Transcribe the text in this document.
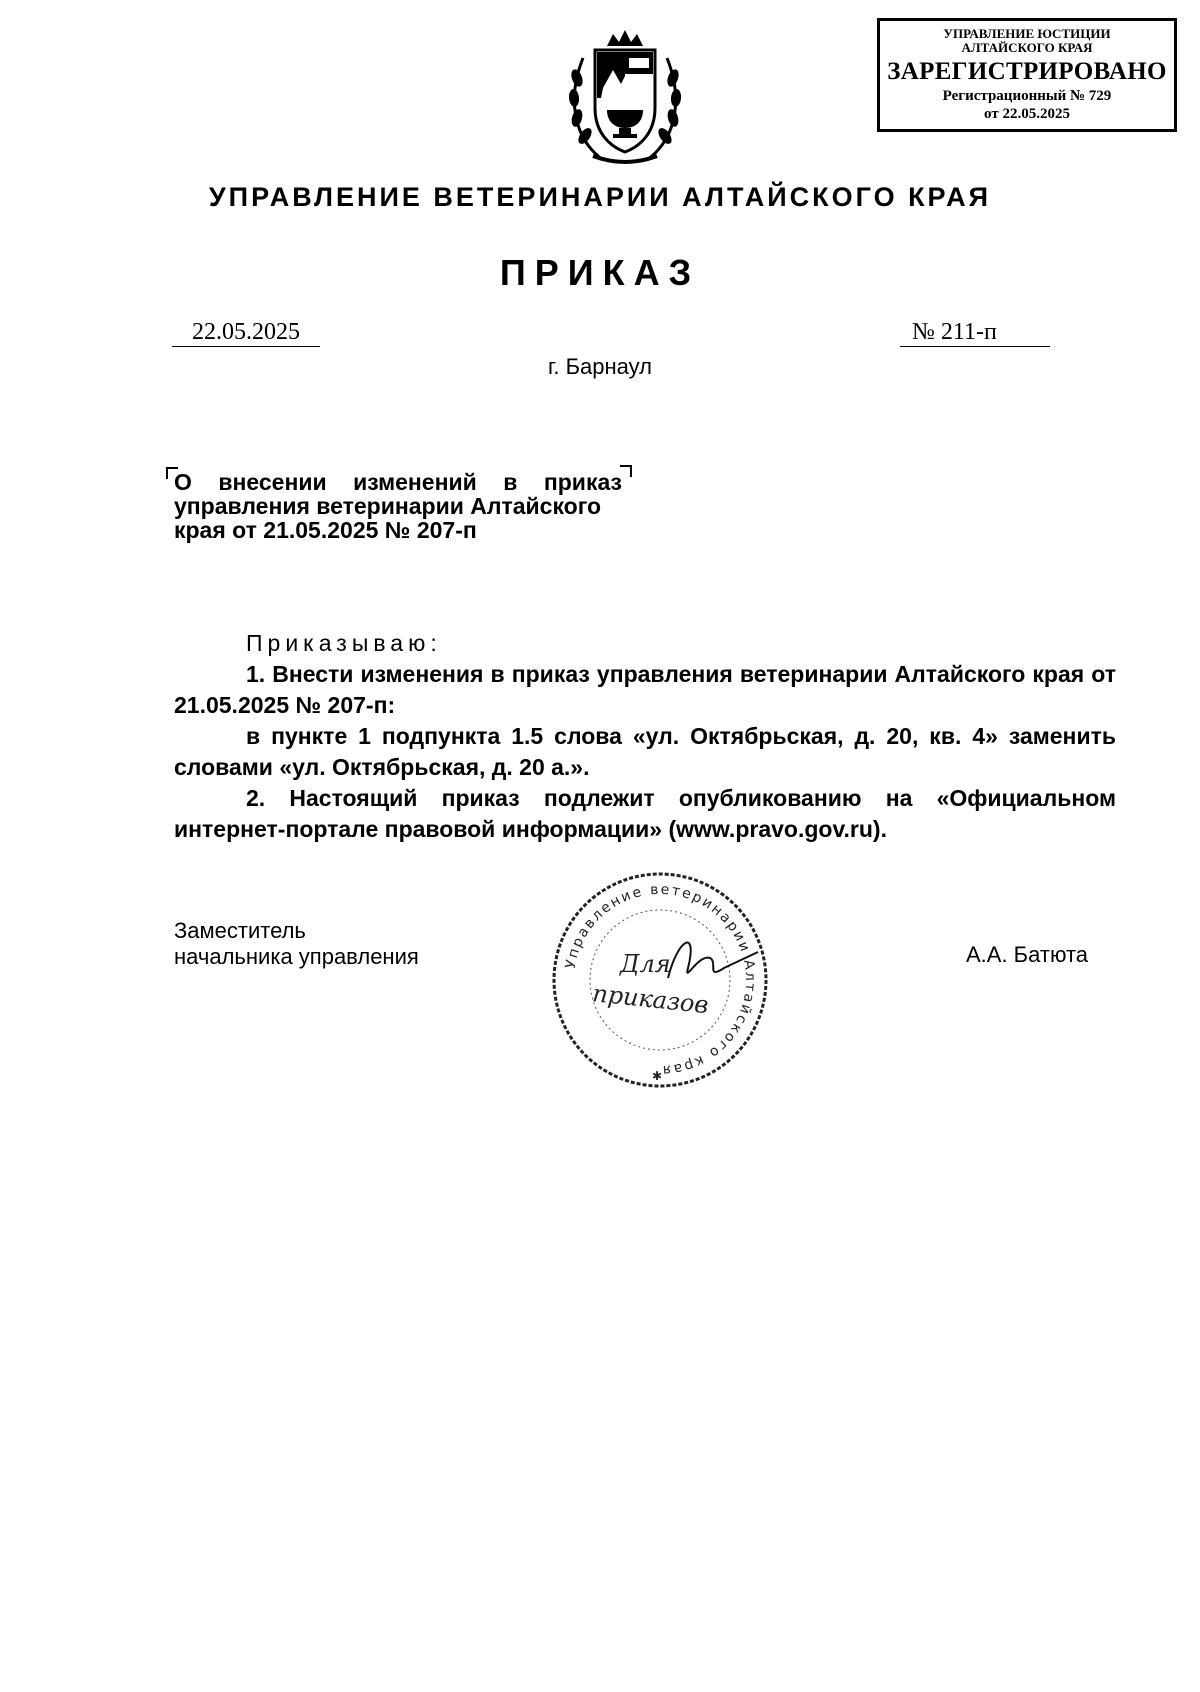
УПРАВЛЕНИЕ ЮСТИЦИИ
АЛТАЙСКОГО КРАЯ
ЗАРЕГИСТРИРОВАНО
Регистрационный № 729
от 22.05.2025
УПРАВЛЕНИЕ ВЕТЕРИНАРИИ АЛТАЙСКОГО КРАЯ
ПРИКАЗ
22.05.2025	№ 211-п
г. Барнаул
О внесении изменений в приказ
управления ветеринарии Алтайского
края от 21.05.2025 № 207-п

Приказываю:

1. Внести изменения в приказ управления ветеринарии Алтайского края от 21.05.2025 № 207-п:

в пункте 1 подпункта 1.5 слова «ул. Октябрьская, д. 20, кв. 4» заменить словами «ул. Октябрьская, д. 20 а.».

2. Настоящий приказ подлежит опубликованию на «Официальном интернет-портале правовой информации» (www.pravo.gov.ru).

Заместитель
начальника управления	А.А. Батюта
Управление ветеринарии Алтайского края
Для
приказов
✱
